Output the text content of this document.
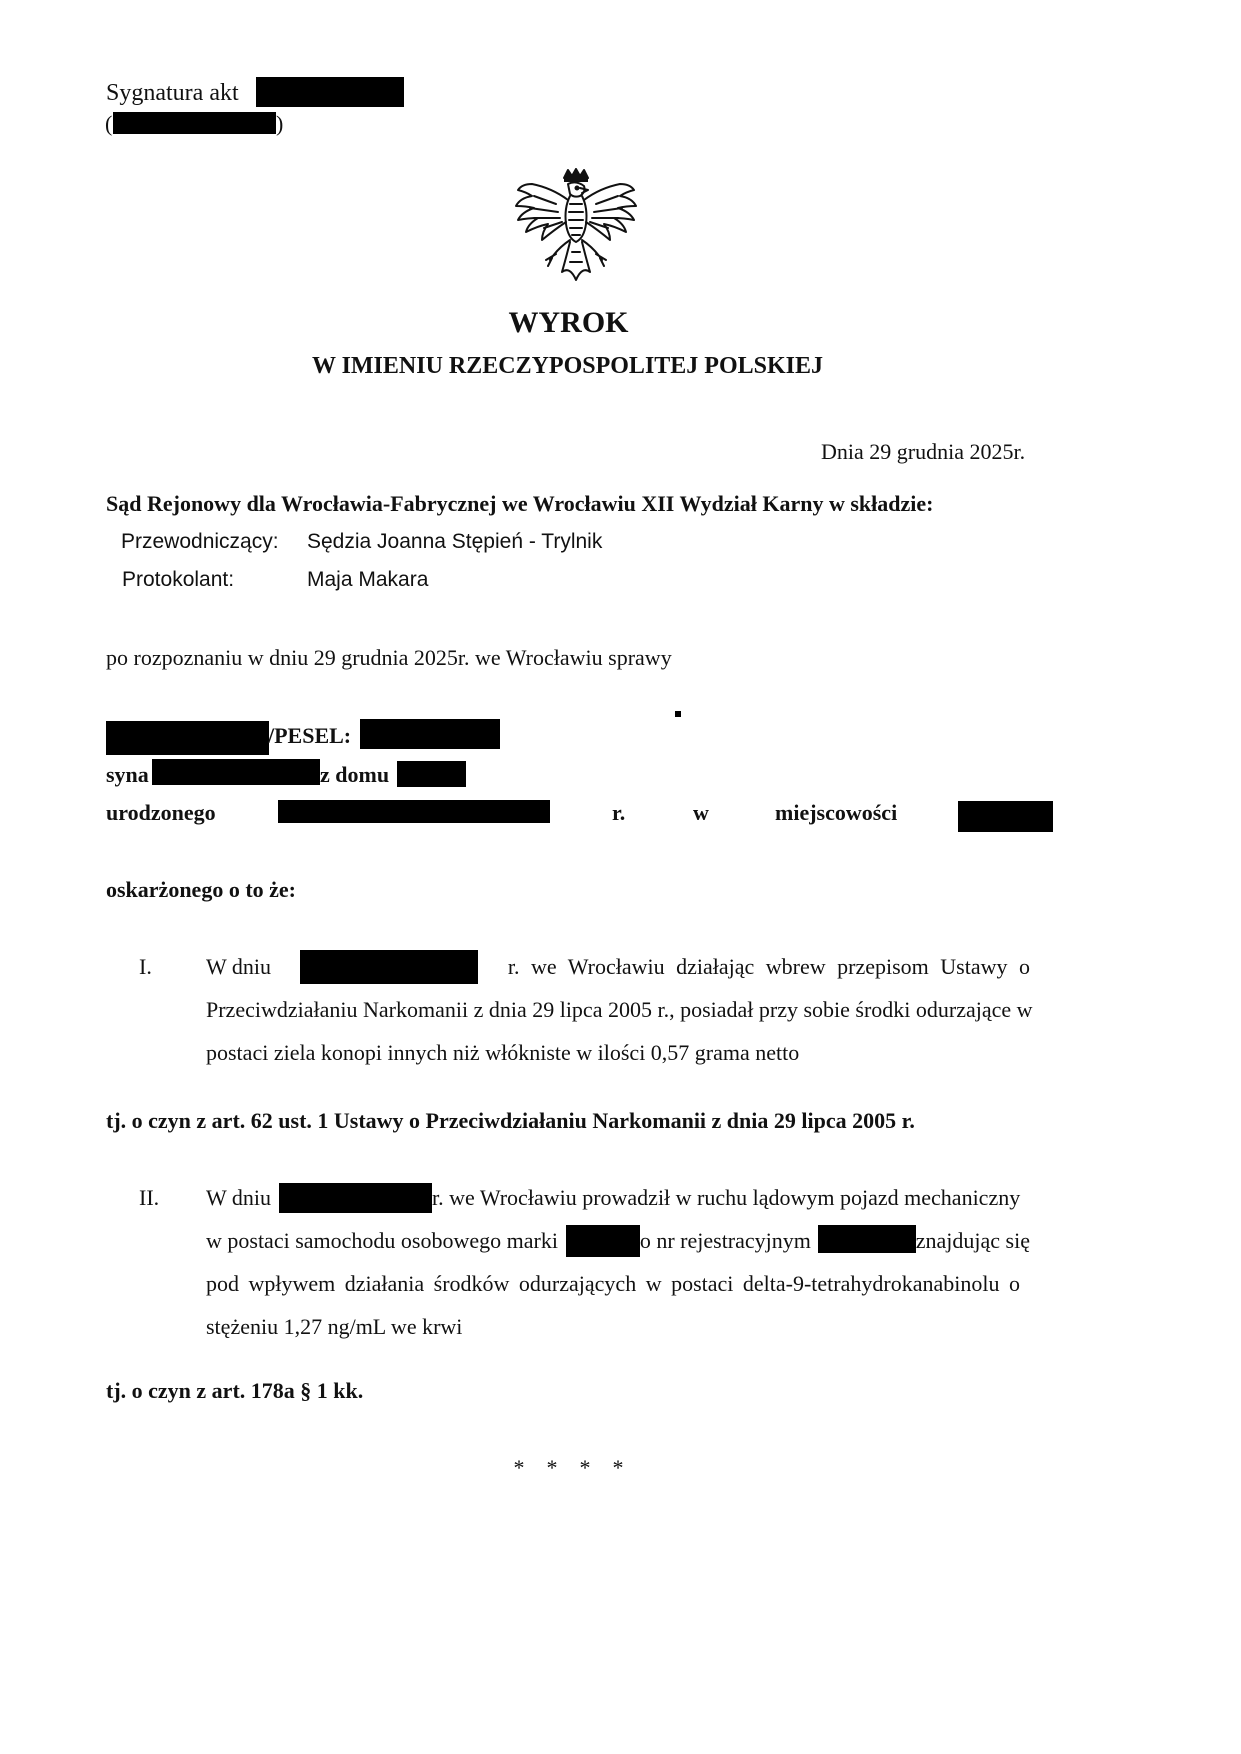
Sygnatura akt
(	)
WYROK
W IMIENIU RZECZYPOSPOLITEJ POLSKIEJ
Dnia 29 grudnia 2025r.
Sąd Rejonowy dla Wrocławia-Fabrycznej we Wrocławiu XII Wydział Karny w składzie:
Przewodniczący: Sędzia Joanna Stępień - Trylnik
Protokolant:	Maja Makara
po rozpoznaniu w dniu 29 grudnia 2025r. we Wrocławiu sprawy
/PESEL:
syna	z domu
urodzonego	r.	w	miejscowości
oskarżonego o to że:
I. W dniu	r. we Wrocławiu działając wbrew przepisom Ustawy o
Przeciwdziałaniu Narkomanii z dnia 29 lipca 2005 r., posiadał przy sobie środki odurzające w
postaci ziela konopi innych niż włókniste w ilości 0,57 grama netto
tj. o czyn z art. 62 ust. 1 Ustawy o Przeciwdziałaniu Narkomanii z dnia 29 lipca 2005 r.
II. W dniu	r. we Wrocławiu prowadził w ruchu lądowym pojazd mechaniczny
w postaci samochodu osobowego marki	o nr rejestracyjnym	znajdując się
pod wpływem działania środków odurzających w postaci delta-9-tetrahydrokanabinolu o
stężeniu 1,27 ng/mL we krwi
tj. o czyn z art. 178a § 1 kk.
*    *    *    *
